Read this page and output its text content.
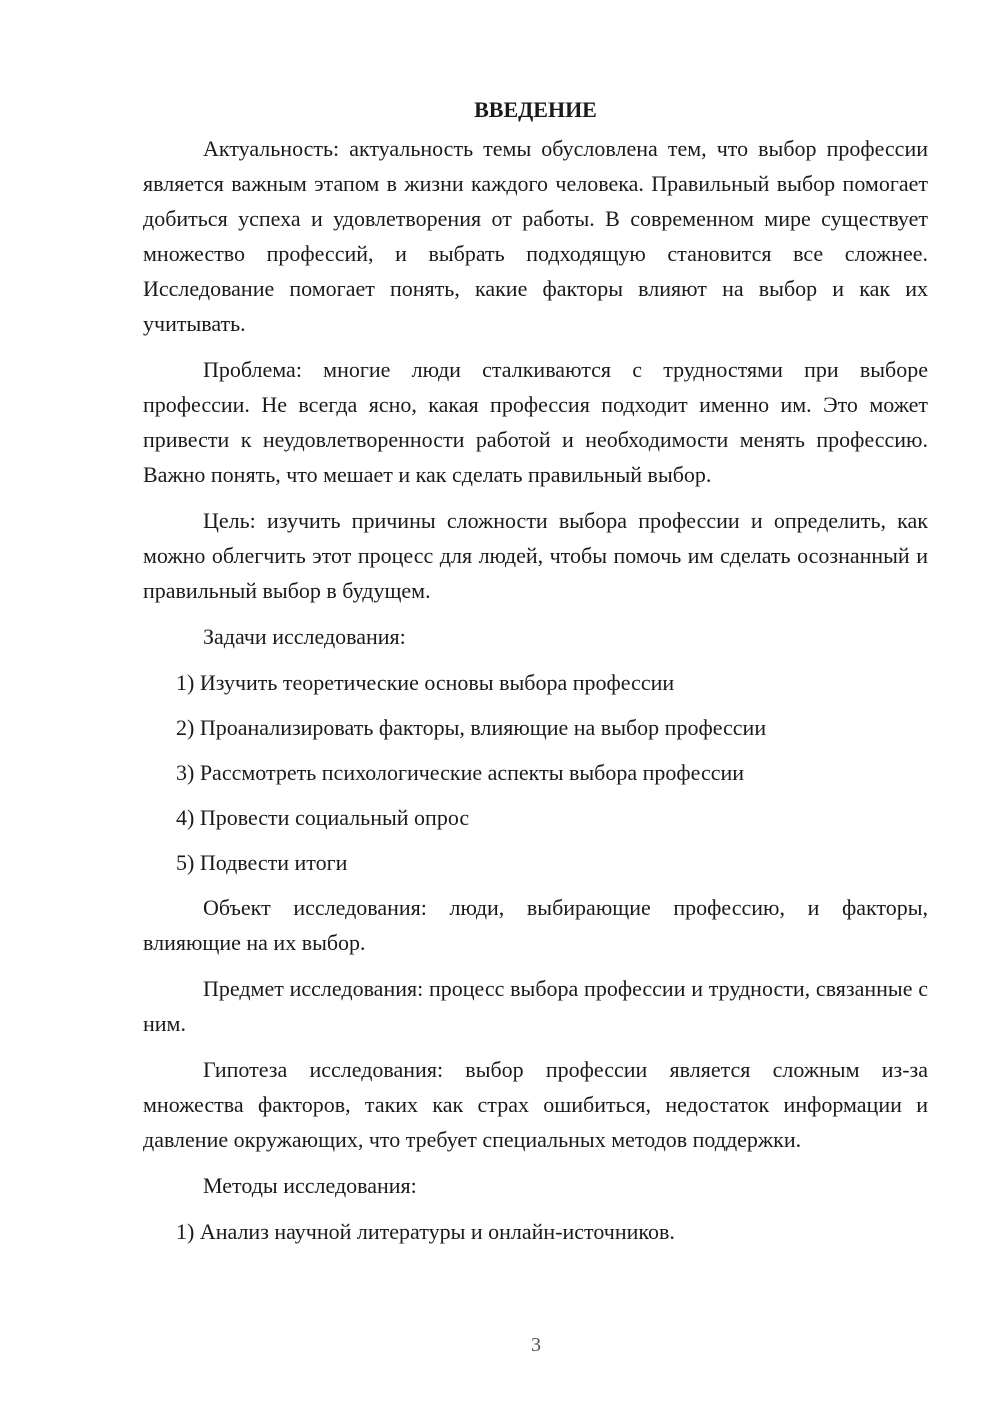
ВВЕДЕНИЕ

Актуальность: актуальность темы обусловлена тем, что выбор профессии является важным этапом в жизни каждого человека. Правильный выбор помогает добиться успеха и удовлетворения от работы. В современном мире существует множество профессий, и выбрать подходящую становится все сложнее. Исследование помогает понять, какие факторы влияют на выбор и как их учитывать.

Проблема: многие люди сталкиваются с трудностями при выборе профессии. Не всегда ясно, какая профессия подходит именно им. Это может привести к неудовлетворенности работой и необходимости менять профессию. Важно понять, что мешает и как сделать правильный выбор.

Цель: изучить причины сложности выбора профессии и определить, как можно облегчить этот процесс для людей, чтобы помочь им сделать осознанный и правильный выбор в будущем.

Задачи исследования:

1) Изучить теоретические основы выбора профессии
2) Проанализировать факторы, влияющие на выбор профессии
3) Рассмотреть психологические аспекты выбора профессии
4) Провести социальный опрос
5) Подвести итоги

Объект исследования: люди, выбирающие профессию, и факторы, влияющие на их выбор.

Предмет исследования: процесс выбора профессии и трудности, связанные с ним.

Гипотеза исследования: выбор профессии является сложным из-за множества факторов, таких как страх ошибиться, недостаток информации и давление окружающих, что требует специальных методов поддержки.

Методы исследования:

1) Анализ научной литературы и онлайн-источников.
3
